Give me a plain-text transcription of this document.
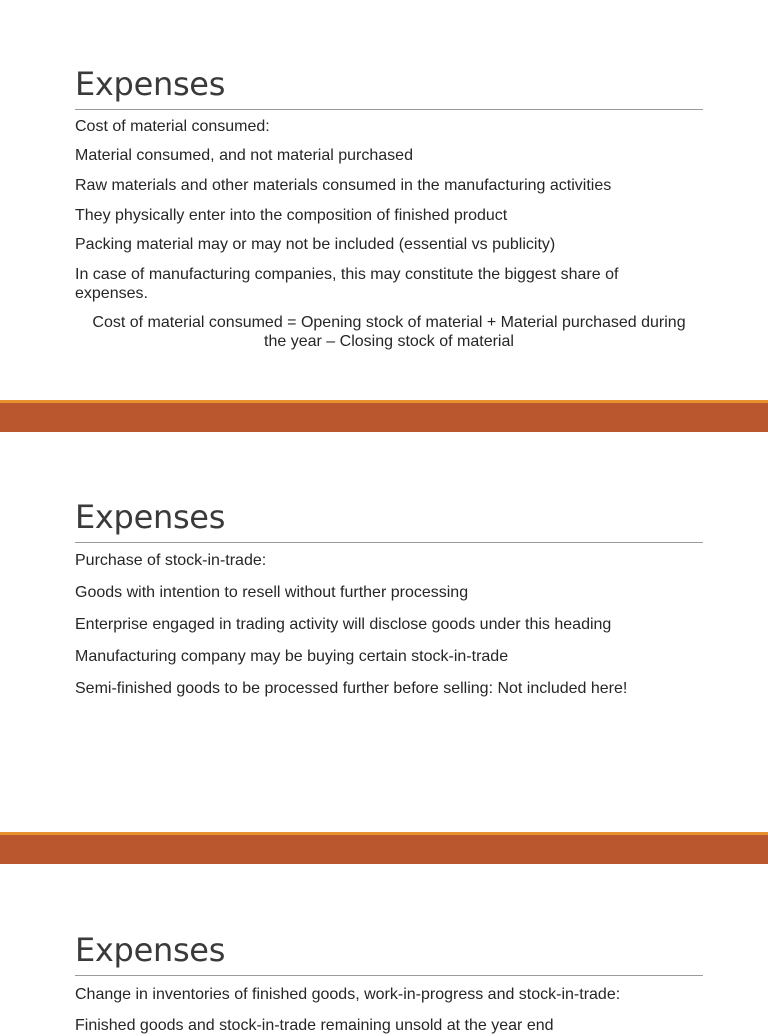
Expenses
Cost of material consumed:
Material consumed, and not material purchased
Raw materials and other materials consumed in the manufacturing activities
They physically enter into the composition of finished product
Packing material may or may not be included (essential vs publicity)
In case of manufacturing companies, this may constitute the biggest share of expenses.
Cost of material consumed = Opening stock of material + Material purchased during the year – Closing stock of material
Expenses
Purchase of stock-in-trade:
Goods with intention to resell without further processing
Enterprise engaged in trading activity will disclose goods under this heading
Manufacturing company may be buying certain stock-in-trade
Semi-finished goods to be processed further before selling: Not included here!
Expenses
Change in inventories of finished goods, work-in-progress and stock-in-trade:
Finished goods and stock-in-trade remaining unsold at the year end
